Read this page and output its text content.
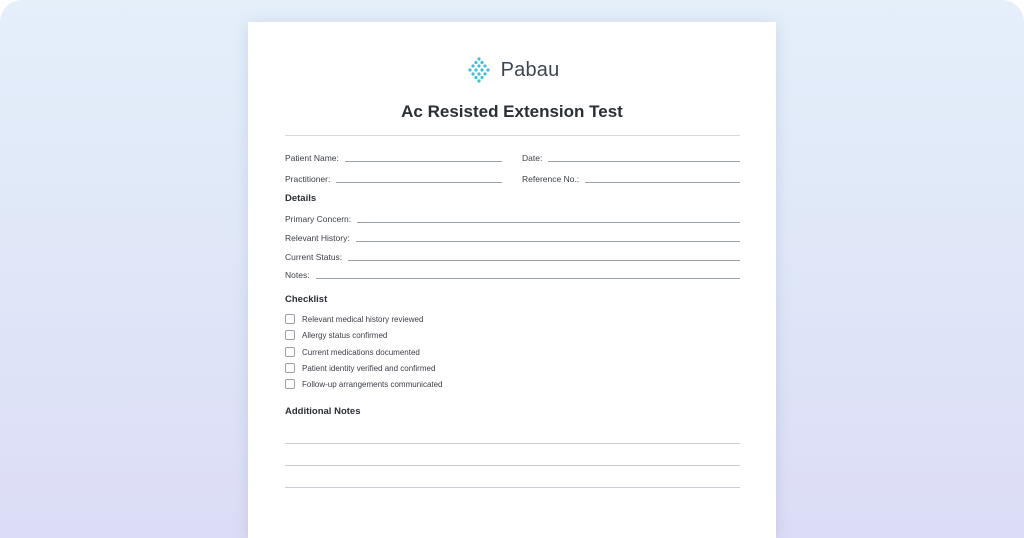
Pabau
Ac Resisted Extension Test
Patient Name:	Date:
Practitioner:	Reference No.:
Details
Primary Concern:
Relevant History:
Current Status:
Notes:
Checklist
Relevant medical history reviewed
Allergy status confirmed
Current medications documented
Patient identity verified and confirmed
Follow-up arrangements communicated
Additional Notes
